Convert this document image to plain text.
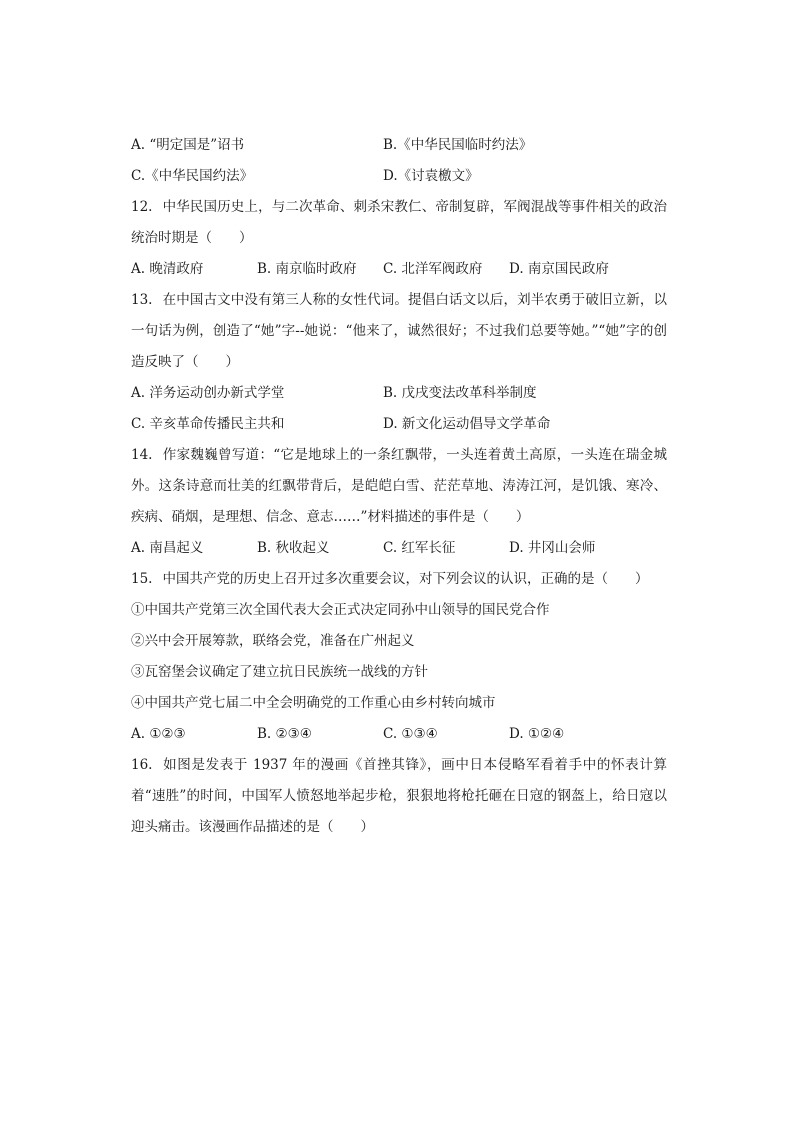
A. “明定国是”诏书	B.《中华民国临时约法》
C.《中华民国约法》	D.《讨袁檄文》
12. 中华民国历史上，与二次革命、刺杀宋教仁、帝制复辟，军阀混战等事件相关的政治统治时期是（　　）
A. 晚清政府	B. 南京临时政府	C. 北洋军阀政府	D. 南京国民政府
13. 在中国古文中没有第三人称的女性代词。提倡白话文以后，刘半农勇于破旧立新，以一句话为例，创造了“她”字--她说：“他来了，诚然很好；不过我们总要等她。”“她”字的创造反映了（　　）
A. 洋务运动创办新式学堂	B. 戊戌变法改革科举制度
C. 辛亥革命传播民主共和	D. 新文化运动倡导文学革命
14. 作家魏巍曾写道：“它是地球上的一条红飘带，一头连着黄土高原，一头连在瑞金城外。这条诗意而壮美的红飘带背后，是皑皑白雪、茫茫草地、涛涛江河，是饥饿、寒冷、疾病、硝烟，是理想、信念、意志……”材料描述的事件是（　　）
A. 南昌起义	B. 秋收起义	C. 红军长征	D. 井冈山会师
15. 中国共产党的历史上召开过多次重要会议，对下列会议的认识，正确的是（　　）
①中国共产党第三次全国代表大会正式决定同孙中山领导的国民党合作
②兴中会开展筹款，联络会党，准备在广州起义
③瓦窑堡会议确定了建立抗日民族统一战线的方针
④中国共产党七届二中全会明确党的工作重心由乡村转向城市
A. ①②③	B. ②③④	C. ①③④	D. ①②④
16. 如图是发表于 1937 年的漫画《首挫其锋》，画中日本侵略军看着手中的怀表计算着“速胜”的时间，中国军人愤怒地举起步枪，狠狠地将枪托砸在日寇的钢盔上，给日寇以迎头痛击。该漫画作品描述的是（　　）
